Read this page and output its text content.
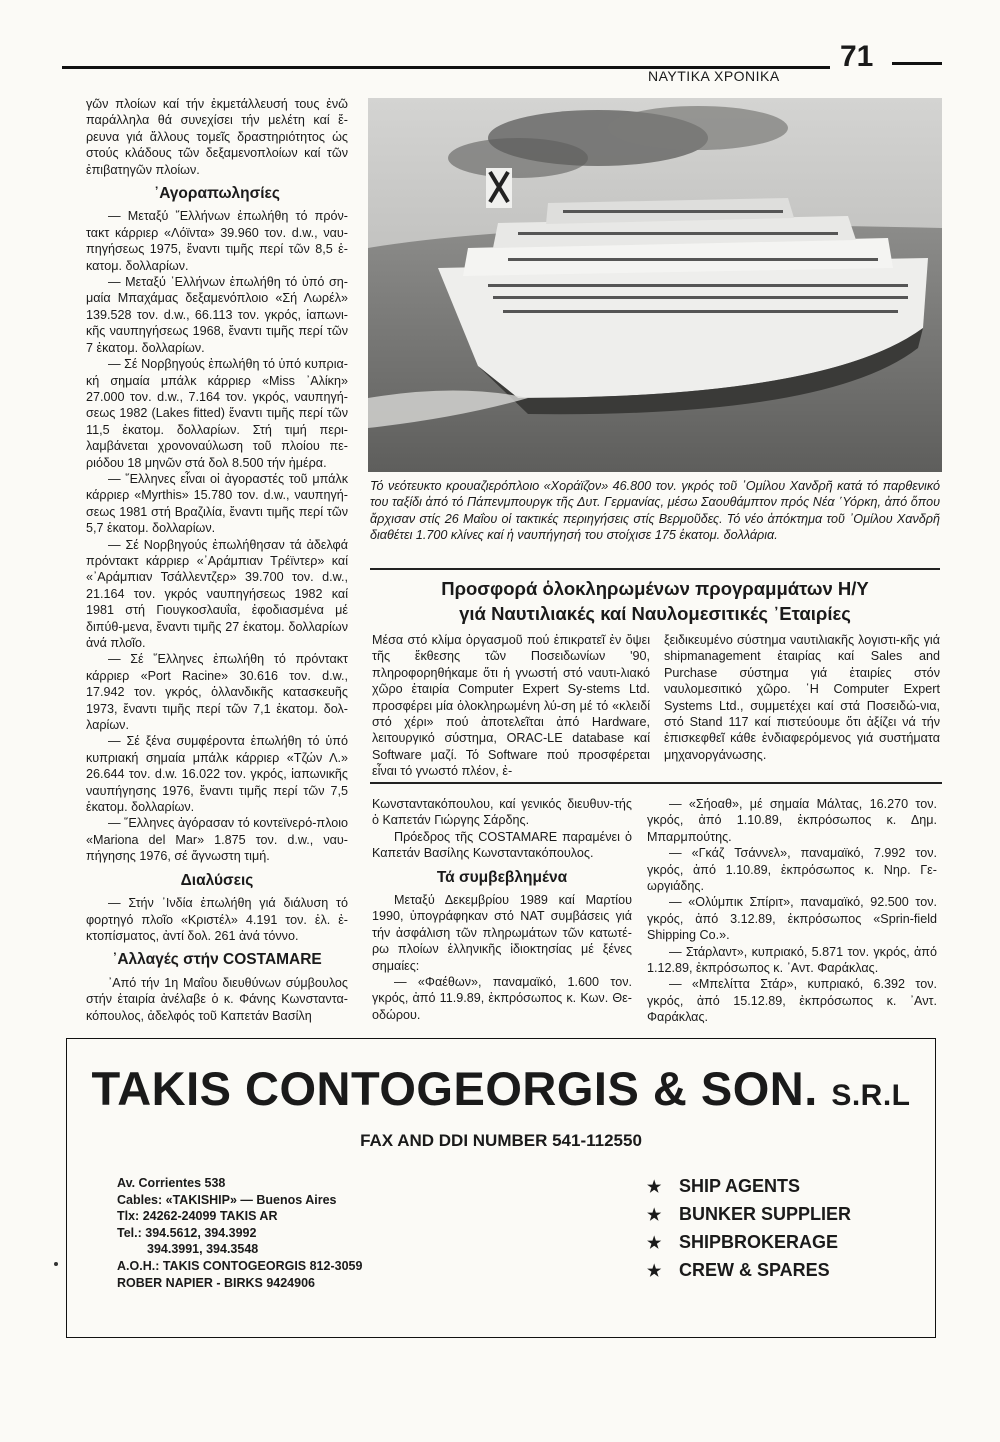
ΝΑΥΤΙΚΑ ΧΡΟΝΙΚΑ
71

γῶν πλοίων καί τήν ἐκμετάλλευσή τους ἐνῶ παράλληλα θά συνεχίσει τήν μελέτη καί ἔ-ρευνα γιά ἄλλους τομεῖς δραστηριότητος ὡς στούς κλάδους τῶν δεξαμενοπλοίων καί τῶν ἐπιβατηγῶν πλοίων.

᾿Αγοραπωλησίες

— Μεταξύ ῞Ελλήνων ἐπωλήθη τό πρόν-τακτ κάρριερ «Λόϊντα» 39.960 τον. d.w., ναυ-πηγήσεως 1975, ἔναντι τιμῆς περί τῶν 8,5 ἑ-κατομ. δολλαρίων.

— Μεταξύ ῾Ελλήνων ἐπωλήθη τό ὑπό ση-μαία Μπαχάμας δεξαμενόπλοιο «Σή Λωρέλ» 139.528 τον. d.w., 66.113 τον. γκρός, ἰαπωνι-κῆς ναυπηγήσεως 1968, ἔναντι τιμῆς περί τῶν 7 ἑκατομ. δολλαρίων.

— Σέ Νορβηγούς ἐπωλήθη τό ὑπό κυπρια-κή σημαία μπάλκ κάρριερ «Miss ᾿Αλίκη» 27.000 τον. d.w., 7.164 τον. γκρός, ναυπηγή-σεως 1982 (Lakes fitted) ἔναντι τιμῆς περί τῶν 11,5 ἑκατομ. δολλαρίων. Στή τιμή περι-λαμβάνεται χρονοναύλωση τοῦ πλοίου πε-ριόδου 18 μηνῶν στά δολ 8.500 τήν ἡμέρα.

— ῞Ελληνες εἶναι οἱ ἀγοραστές τοῦ μπάλκ κάρριερ «Myrthis» 15.780 τον. d.w., ναυπηγή-σεως 1981 στή Βραζιλία, ἔναντι τιμῆς περί τῶν 5,7 ἑκατομ. δολλαρίων.

— Σέ Νορβηγούς ἐπωλήθησαν τά ἀδελφά πρόντακτ κάρριερ «᾿Αράμπιαν Τρέϊντερ» καί «᾿Αράμπιαν Τσάλλεντζερ» 39.700 τον. d.w., 21.164 τον. γκρός ναυπηγήσεως 1982 καί 1981 στή Γιουγκοσλαυΐα, ἐφοδιασμένα μέ διπύθ-μενα, ἔναντι τιμῆς 27 ἑκατομ. δολλαρίων ἀνά πλοῖο.

— Σέ ῞Ελληνες ἐπωλήθη τό πρόντακτ κάρριερ «Port Racine» 30.616 τον. d.w., 17.942 τον. γκρός, ὁλλανδικῆς κατασκευῆς 1973, ἔναντι τιμῆς περί τῶν 7,1 ἑκατομ. δολ-λαρίων.

— Σέ ξένα συμφέροντα ἐπωλήθη τό ὑπό κυπριακή σημαία μπάλκ κάρριερ «Τζών Λ.» 26.644 τον. d.w. 16.022 τον. γκρός, ἰαπωνικῆς ναυπήγησης 1976, ἔναντι τιμῆς περί τῶν 7,5 ἑκατομ. δολλαρίων.

— ῞Ελληνες ἀγόρασαν τό κοντεϊνερό-πλοιο «Mariona del Mar» 1.875 τον. d.w., ναυ-πήγησης 1976, σέ ἄγνωστη τιμή.

Διαλύσεις

— Στήν ᾿Ινδία ἐπωλήθη γιά διάλυση τό φορτηγό πλοῖο «Κριστέλ» 4.191 τον. ἐλ. ἐ-κτοπίσματος, ἀντί δολ. 261 ἀνά τόννο.

᾿Αλλαγές στήν COSTAMARE

᾿Από τήν 1η Μαΐου διευθύνων σύμβουλος στήν ἑταιρία ἀνέλαβε ὁ κ. Φάνης Κωνσταντα-κόπουλος, ἀδελφός τοῦ Καπετάν Βασίλη

Τό νεότευκτο κρουαζιερόπλοιο «Χοράϊζον» 46.800 τον. γκρός τοῦ ᾿Ομίλου Χανδρῆ κατά τό παρθενικό του ταξίδι ἀπό τό Πάπενμπουργκ τῆς Δυτ. Γερμανίας, μέσω Σαουθάμπτον πρός Νέα ῾Υόρκη, ἀπό ὅπου ἄρχισαν στίς 26 Μαΐου οἱ τακτικές περιηγήσεις στίς Βερμοῦδες. Τό νέο ἀπόκτημα τοῦ ᾿Ομίλου Χανδρῆ διαθέτει 1.700 κλίνες καί ἡ ναυπήγησή του στοίχισε 175 ἑκατομ. δολλάρια.
Προσφορά ὁλοκληρωμένων προγραμμάτων Η/Υ
γιά Ναυτιλιακές καί Ναυλομεσιτικές ᾿Εταιρίες
Μέσα στό κλίμα ὀργασμοῦ πού ἐπικρατεῖ ἐν ὄψει τῆς ἔκθεσης τῶν Ποσειδωνίων '90, πληροφορηθήκαμε ὅτι ἡ γνωστή στό ναυτι-λιακό χῶρο ἑταιρία Computer Expert Sy-stems Ltd. προσφέρει μία ὁλοκληρωμένη λύ-ση μέ τό «κλειδί στό χέρι» πού ἀποτελεῖται ἀπό Hardware, λειτουργικό σύστημα, ORAC-LE database καί Software μαζί. Τό Software πού προσφέρεται εἶναι τό γνωστό πλέον, ἐ-
ξειδικευμένο σύστημα ναυτιλιακῆς λογιστι-κῆς γιά shipmanagement ἑταιρίας καί Sales and Purchase σύστημα γιά ἑταιρίες στόν ναυλομεσιτικό χῶρο. ῾Η Computer Expert Systems Ltd., συμμετέχει καί στά Ποσειδώ-νια, στό Stand 117 καί πιστεύουμε ὅτι ἀξίζει νά τήν ἐπισκεφθεῖ κάθε ἐνδιαφερόμενος γιά συστήματα μηχανοργάνωσης.

Κωνσταντακόπουλου, καί γενικός διευθυν-τής ὁ Καπετάν Γιώργης Σάρδης.

Πρόεδρος τῆς COSTAMARE παραμένει ὁ Καπετάν Βασίλης Κωνσταντακόπουλος.

Τά συμβεβλημένα

Μεταξύ Δεκεμβρίου 1989 καί Μαρτίου 1990, ὑπογράφηκαν στό ΝΑΤ συμβάσεις γιά τήν ἀσφάλιση τῶν πληρωμάτων τῶν κατωτέ-ρω πλοίων ἑλληνικῆς ἰδιοκτησίας μέ ξένες σημαίες:

— «Φαέθων», παναμαϊκό, 1.600 τον. γκρός, ἀπό 11.9.89, ἐκπρόσωπος κ. Κων. Θε-οδώρου.

— «Σήοαθ», μέ σημαία Μάλτας, 16.270 τον. γκρός, ἀπό 1.10.89, ἐκπρόσωπος κ. Δημ. Μπαρμπούτης.

— «Γκάζ Τσάννελ», παναμαϊκό, 7.992 τον. γκρός, ἀπό 1.10.89, ἐκπρόσωπος κ. Νηρ. Γε-ωργιάδης.

— «Ολύμπικ Σπίριτ», παναμαϊκό, 92.500 τον. γκρός, ἀπό 3.12.89, ἐκπρόσωπος «Sprin-field Shipping Co.».

— Στάρλαντ», κυπριακό, 5.871 τον. γκρός, ἀπό 1.12.89, ἐκπρόσωπος κ. ᾿Αντ. Φαράκλας.

— «Μπελίττα Στάρ», κυπριακό, 6.392 τον. γκρός, ἀπό 15.12.89, ἐκπρόσωπος κ. ᾿Αντ. Φαράκλας.

TAKIS CONTOGEORGIS & SON. S.R.L
FAX AND DDI NUMBER 541-112550
Av. Corrientes 538
Cables: «TAKISHIP» — Buenos Aires
Tlx: 24262-24099 TAKIS AR
Tel.: 394.5612, 394.3992
394.3991, 394.3548
A.O.H.: TAKIS CONTOGEORGIS 812-3059
ROBER NAPIER - BIRKS 9424906
★ SHIP AGENTS
★ BUNKER SUPPLIER
★ SHIPBROKERAGE
★ CREW & SPARES
